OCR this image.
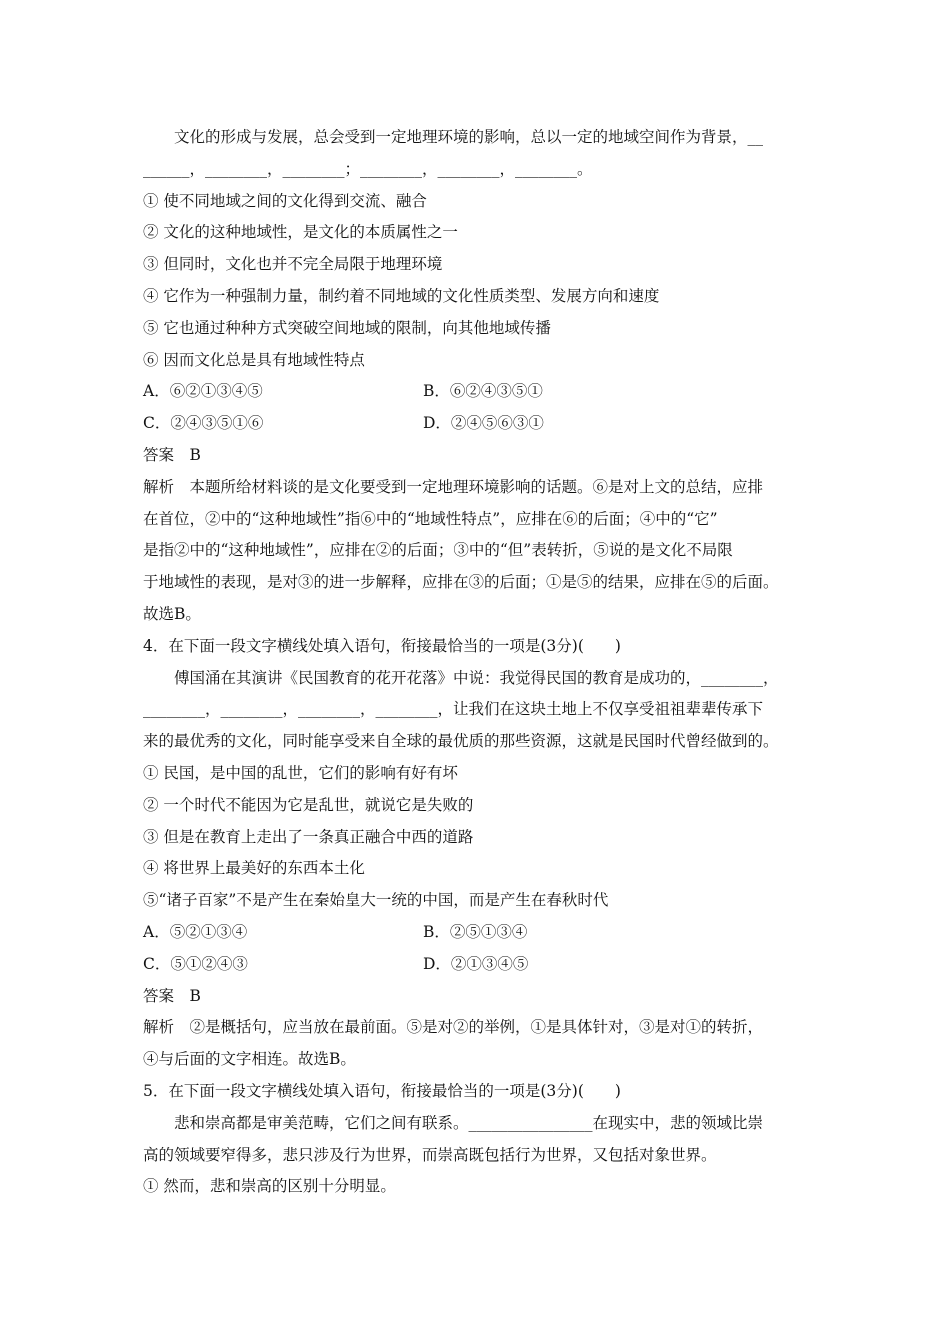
文化的形成与发展，总会受到一定地理环境的影响，总以一定的地域空间作为背景，__
______，________，________；________，________，________。
① 使不同地域之间的文化得到交流、融合
② 文化的这种地域性，是文化的本质属性之一
③ 但同时，文化也并不完全局限于地理环境
④ 它作为一种强制力量，制约着不同地域的文化性质类型、发展方向和速度
⑤ 它也通过种种方式突破空间地域的限制，向其他地域传播
⑥ 因而文化总是具有地域性特点
A．⑥②①③④⑤	B．⑥②④③⑤①
C．②④③⑤①⑥	D．②④⑤⑥③①
答案　B
解析　本题所给材料谈的是文化要受到一定地理环境影响的话题。⑥是对上文的总结，应排
在首位，②中的“这种地域性”指⑥中的“地域性特点”，应排在⑥的后面；④中的“它”
是指②中的“这种地域性”，应排在②的后面；③中的“但”表转折，⑤说的是文化不局限
于地域性的表现，是对③的进一步解释，应排在③的后面；①是⑤的结果，应排在⑤的后面。
故选B。
4．在下面一段文字横线处填入语句，衔接最恰当的一项是(3分)(　　)
傅国涌在其演讲《民国教育的花开花落》中说：我觉得民国的教育是成功的，________，
________，________，________，________，让我们在这块土地上不仅享受祖祖辈辈传承下
来的最优秀的文化，同时能享受来自全球的最优质的那些资源，这就是民国时代曾经做到的。
① 民国，是中国的乱世，它们的影响有好有坏
② 一个时代不能因为它是乱世，就说它是失败的
③ 但是在教育上走出了一条真正融合中西的道路
④ 将世界上最美好的东西本土化
⑤“诸子百家”不是产生在秦始皇大一统的中国，而是产生在春秋时代
A．⑤②①③④	B．②⑤①③④
C．⑤①②④③	D．②①③④⑤
答案　B
解析　②是概括句，应当放在最前面。⑤是对②的举例，①是具体针对，③是对①的转折，
④与后面的文字相连。故选B。
5．在下面一段文字横线处填入语句，衔接最恰当的一项是(3分)(　　)
悲和崇高都是审美范畴，它们之间有联系。________________在现实中，悲的领域比崇
高的领域要窄得多，悲只涉及行为世界，而崇高既包括行为世界，又包括对象世界。
① 然而，悲和崇高的区别十分明显。
